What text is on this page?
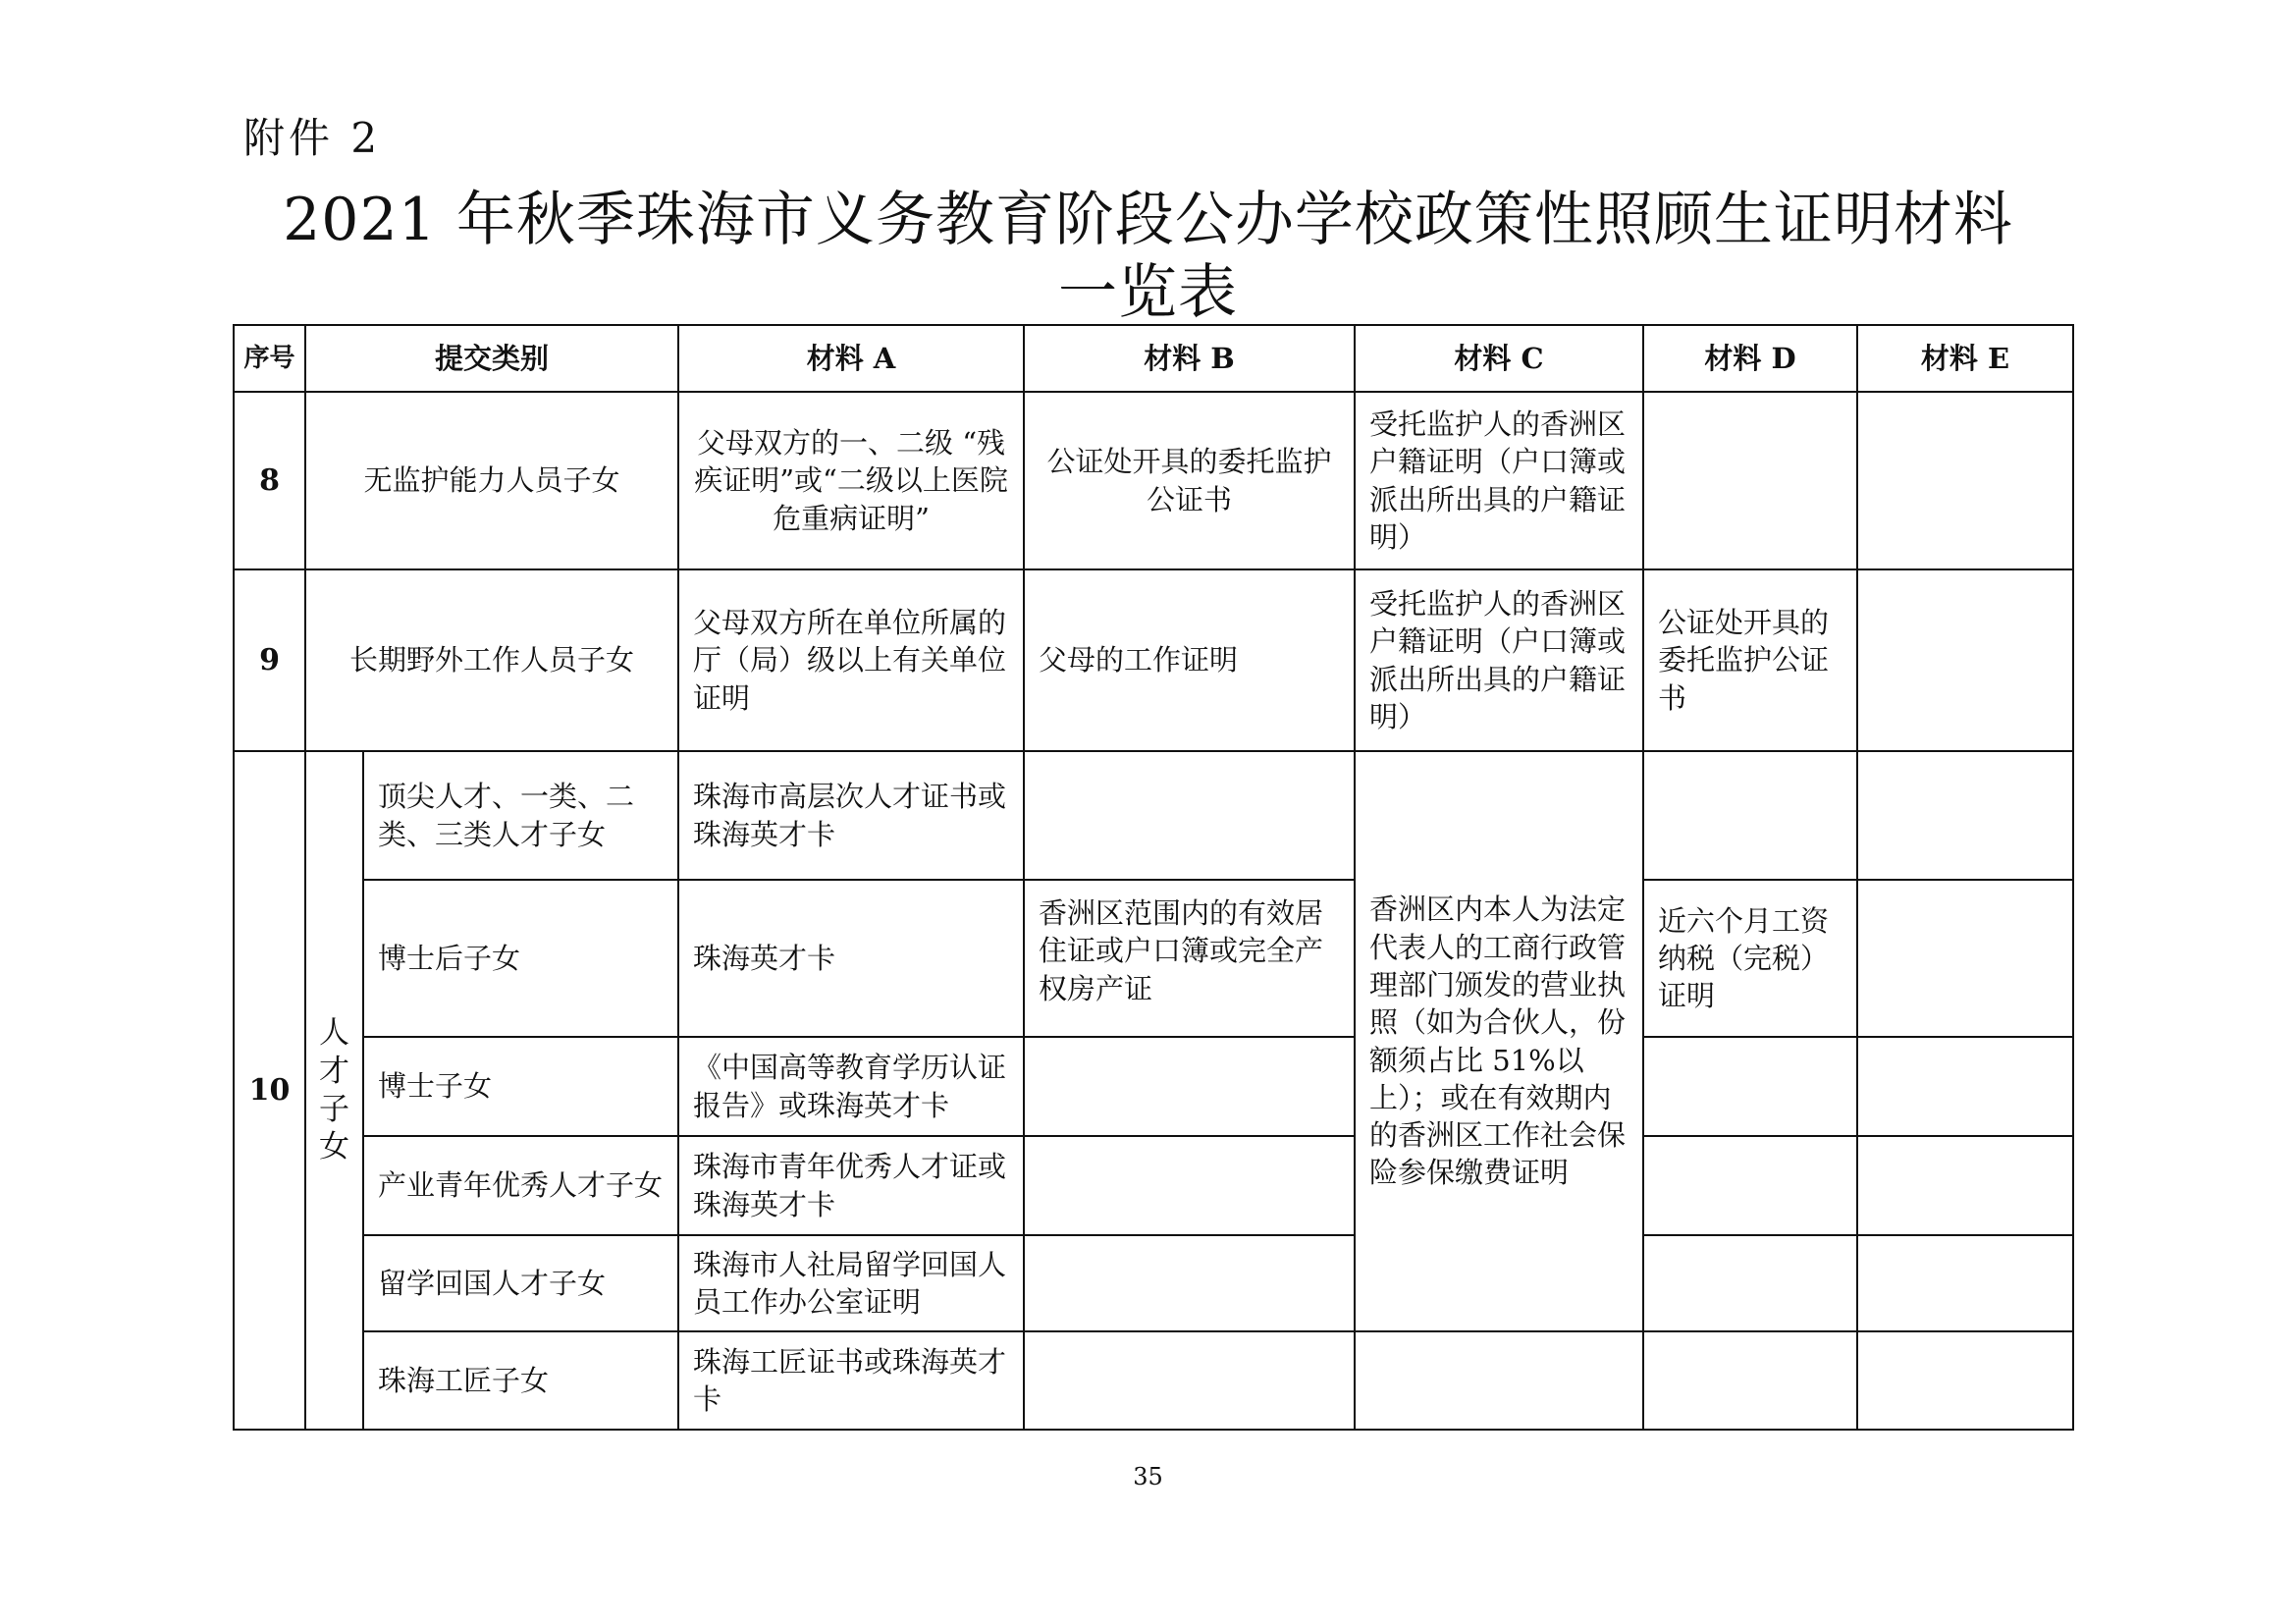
附件 2
2021 年秋季珠海市义务教育阶段公办学校政策性照顾生证明材料
一览表
序号	提交类别		材料 A	材料 B	材料 C	材料 D	材料 E
8	无监护能力人员子女		父母双方的一、二级 “残疾证明”或“二级以上医院危重病证明”	公证处开具的委托监护公证书	受托监护人的香洲区户籍证明（户口簿或派出所出具的户籍证明）		
9	长期野外工作人员子女		父母双方所在单位所属的厅（局）级以上有关单位证明	父母的工作证明	受托监护人的香洲区户籍证明（户口簿或派出所出具的户籍证明）	公证处开具的委托监护公证书	
10	人才子女	顶尖人才、一类、二类、三类人才子女	珠海市高层次人才证书或珠海英才卡		香洲区内本人为法定代表人的工商行政管理部门颁发的营业执照（如为合伙人，份额须占比 51%以上）；或在有效期内的香洲区工作社会保险参保缴费证明		
		博士后子女	珠海英才卡	香洲区范围内的有效居住证或户口簿或完全产权房产证		近六个月工资纳税（完税）证明	
		博士子女	《中国高等教育学历认证报告》或珠海英才卡				
		产业青年优秀人才子女	珠海市青年优秀人才证或珠海英才卡				
		留学回国人才子女	珠海市人社局留学回国人员工作办公室证明				
		珠海工匠子女	珠海工匠证书或珠海英才卡				
35
